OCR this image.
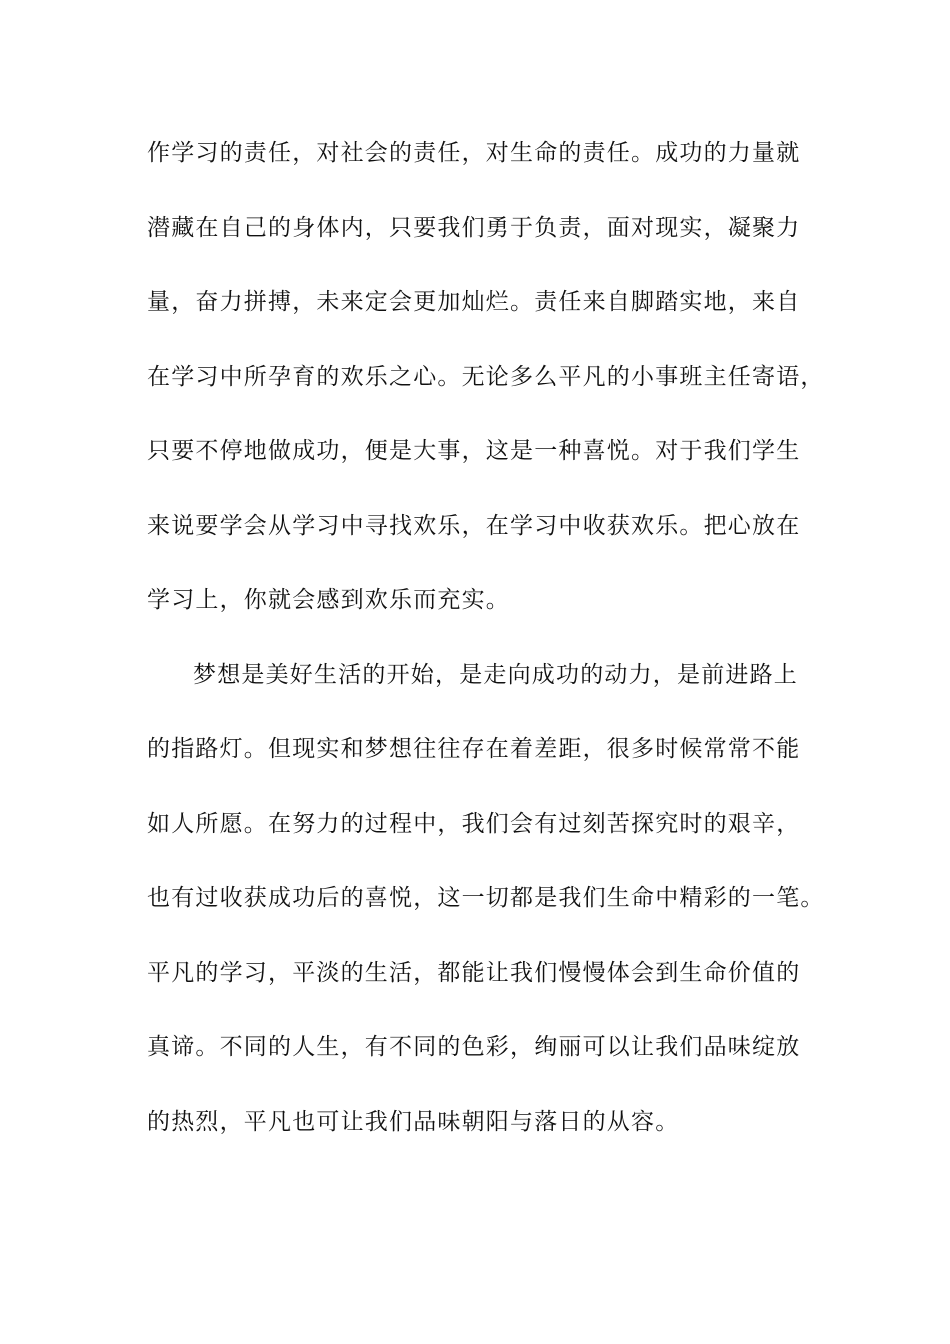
作学习的责任，对社会的责任，对生命的责任。成功的力量就
潜藏在自己的身体内，只要我们勇于负责，面对现实，凝聚力
量，奋力拼搏，未来定会更加灿烂。责任来自脚踏实地，来自
在学习中所孕育的欢乐之心。无论多么平凡的小事班主任寄语，
只要不停地做成功，便是大事，这是一种喜悦。对于我们学生
来说要学会从学习中寻找欢乐，在学习中收获欢乐。把心放在
学习上，你就会感到欢乐而充实。
梦想是美好生活的开始，是走向成功的动力，是前进路上
的指路灯。但现实和梦想往往存在着差距，很多时候常常不能
如人所愿。在努力的过程中，我们会有过刻苦探究时的艰辛，
也有过收获成功后的喜悦，这一切都是我们生命中精彩的一笔。
平凡的学习，平淡的生活，都能让我们慢慢体会到生命价值的
真谛。不同的人生，有不同的色彩，绚丽可以让我们品味绽放
的热烈，平凡也可让我们品味朝阳与落日的从容。
